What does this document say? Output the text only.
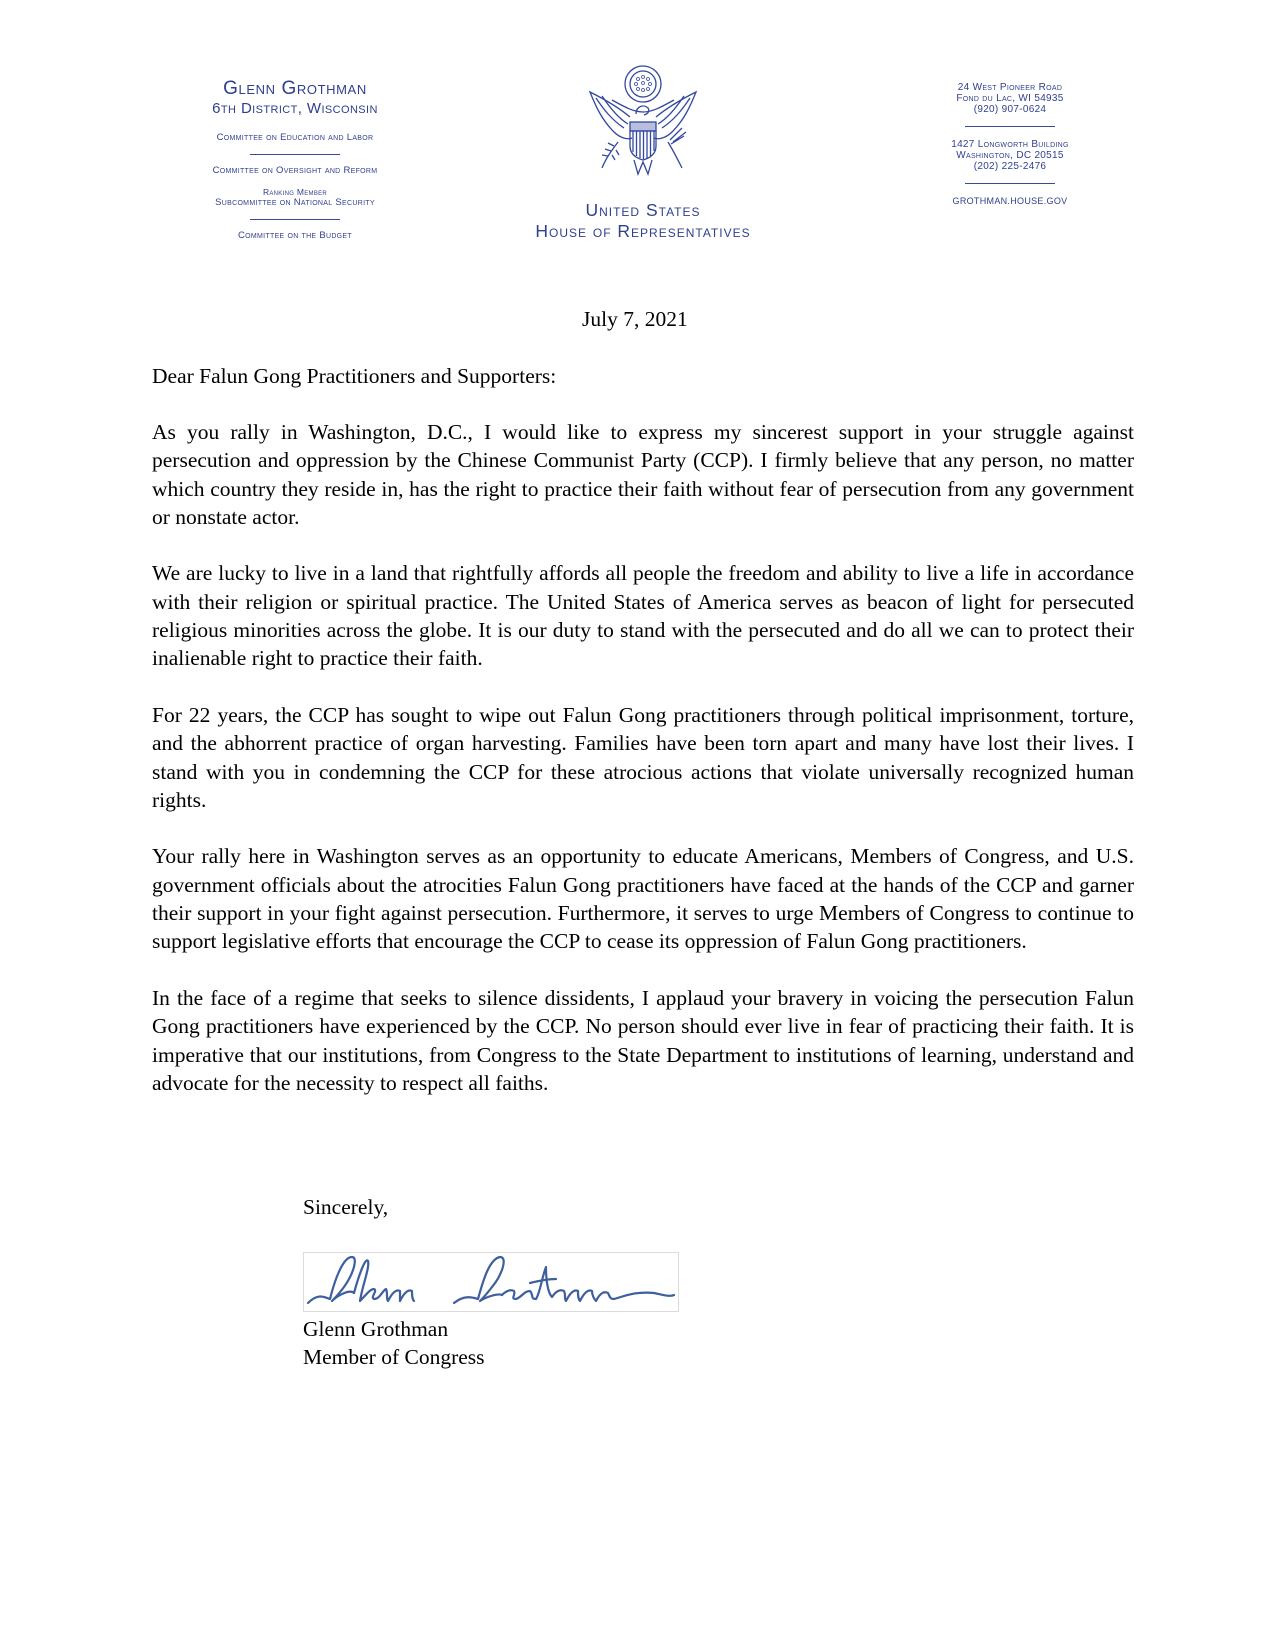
Glenn Grothman
6th District, Wisconsin
Committee on Education and Labor
Committee on Oversight and Reform
Ranking Member
Subcommittee on National Security
Committee on the Budget
United States
House of Representatives
24 West Pioneer Road
Fond du Lac, WI 54935
(920) 907-0624
1427 Longworth Building
Washington, DC 20515
(202) 225-2476
GROTHMAN.HOUSE.GOV
July 7, 2021
Dear Falun Gong Practitioners and Supporters:

As you rally in Washington, D.C., I would like to express my sincerest support in your struggle against persecution and oppression by the Chinese Communist Party (CCP). I firmly believe that any person, no matter which country they reside in, has the right to practice their faith without fear of persecution from any government or nonstate actor.

We are lucky to live in a land that rightfully affords all people the freedom and ability to live a life in accordance with their religion or spiritual practice. The United States of America serves as beacon of light for persecuted religious minorities across the globe. It is our duty to stand with the persecuted and do all we can to protect their inalienable right to practice their faith.

For 22 years, the CCP has sought to wipe out Falun Gong practitioners through political imprisonment, torture, and the abhorrent practice of organ harvesting. Families have been torn apart and many have lost their lives. I stand with you in condemning the CCP for these atrocious actions that violate universally recognized human rights.

Your rally here in Washington serves as an opportunity to educate Americans, Members of Congress, and U.S. government officials about the atrocities Falun Gong practitioners have faced at the hands of the CCP and garner their support in your fight against persecution. Furthermore, it serves to urge Members of Congress to continue to support legislative efforts that encourage the CCP to cease its oppression of Falun Gong practitioners.

In the face of a regime that seeks to silence dissidents, I applaud your bravery in voicing the persecution Falun Gong practitioners have experienced by the CCP. No person should ever live in fear of practicing their faith. It is imperative that our institutions, from Congress to the State Department to institutions of learning, understand and advocate for the necessity to respect all faiths.

Sincerely,
Glenn Grothman
Member of Congress
